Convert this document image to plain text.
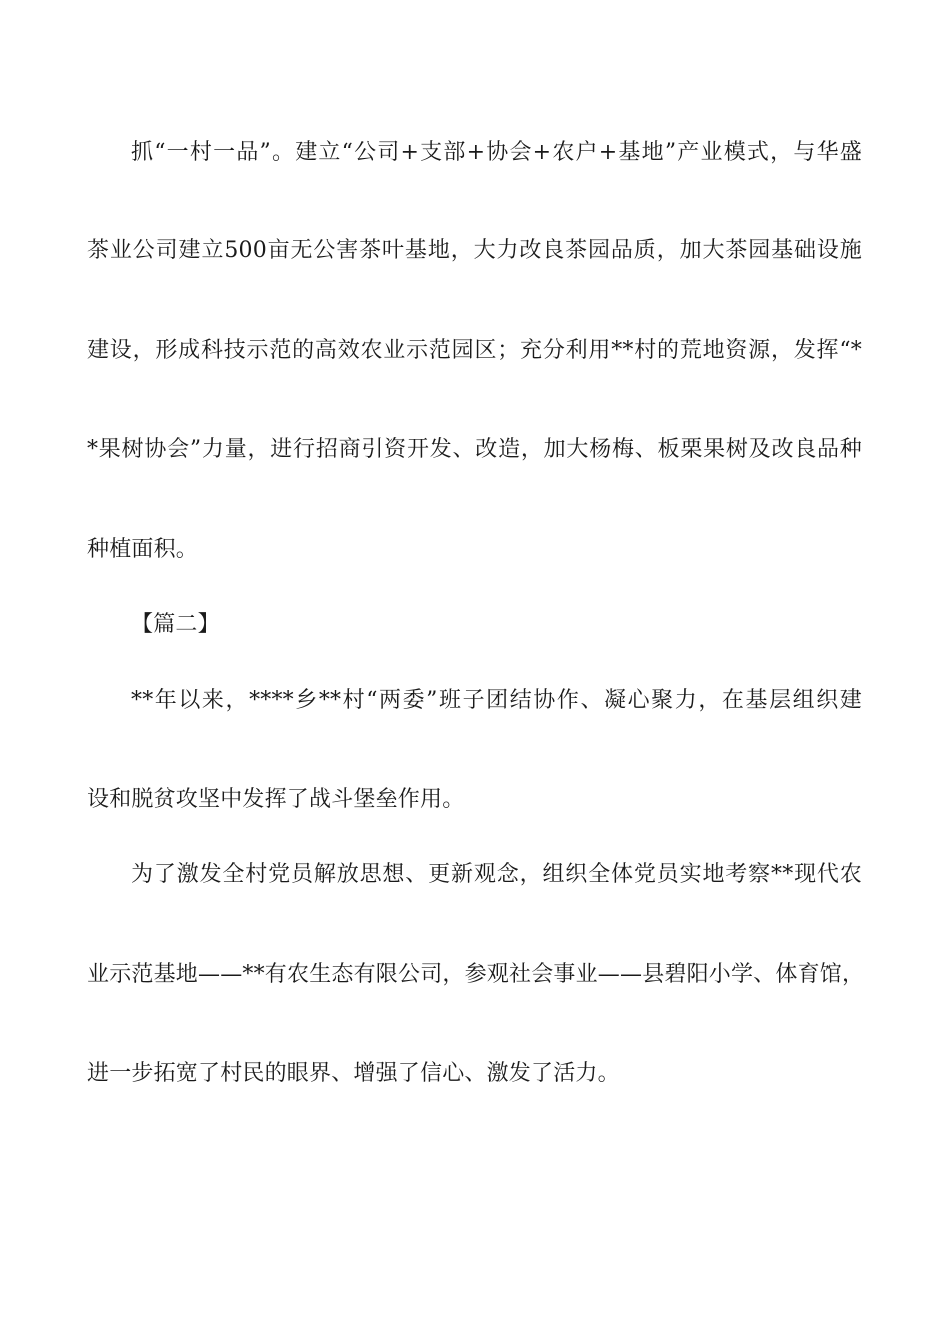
抓“一村一品”。建立“公司+支部+协会+农户+基地”产业模式，与华盛
茶业公司建立500亩无公害茶叶基地，大力改良茶园品质，加大茶园基础设施
建设，形成科技示范的高效农业示范园区；充分利用**村的荒地资源，发挥“*
*果树协会”力量，进行招商引资开发、改造，加大杨梅、板栗果树及改良品种
种植面积。
【篇二】
**年以来，****乡**村“两委”班子团结协作、凝心聚力，在基层组织建
设和脱贫攻坚中发挥了战斗堡垒作用。
为了激发全村党员解放思想、更新观念，组织全体党员实地考察**现代农
业示范基地——**有农生态有限公司，参观社会事业——县碧阳小学、体育馆，
进一步拓宽了村民的眼界、增强了信心、激发了活力。
